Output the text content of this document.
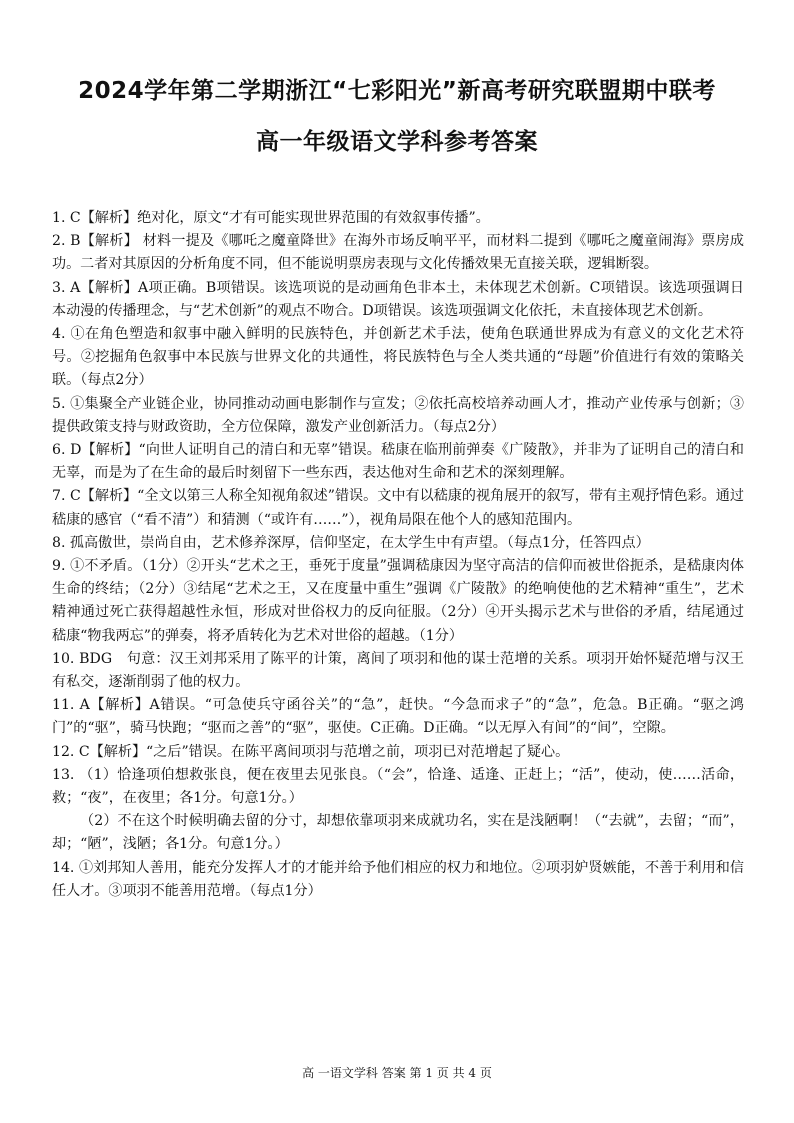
2024学年第二学期浙江“七彩阳光”新高考研究联盟期中联考
高一年级语文学科参考答案

1. C【解析】绝对化，原文“才有可能实现世界范围的有效叙事传播”。

2. B【解析】 材料一提及《哪吒之魔童降世》在海外市场反响平平，而材料二提到《哪吒之魔童闹海》票房成功。二者对其原因的分析角度不同，但不能说明票房表现与文化传播效果无直接关联，逻辑断裂。

3. A【解析】A项正确。B项错误。该选项说的是动画角色非本土，未体现艺术创新。C项错误。该选项强调日本动漫的传播理念，与“艺术创新”的观点不吻合。D项错误。该选项强调文化依托，未直接体现艺术创新。

4. ①在角色塑造和叙事中融入鲜明的民族特色，并创新艺术手法，使角色联通世界成为有意义的文化艺术符号。②挖掘角色叙事中本民族与世界文化的共通性，将民族特色与全人类共通的“母题”价值进行有效的策略关联。（每点2分）

5. ①集聚全产业链企业，协同推动动画电影制作与宣发；②依托高校培养动画人才，推动产业传承与创新；③提供政策支持与财政资助，全方位保障，激发产业创新活力。（每点2分）

6. D【解析】“向世人证明自己的清白和无辜”错误。嵇康在临刑前弹奏《广陵散》，并非为了证明自己的清白和无辜，而是为了在生命的最后时刻留下一些东西，表达他对生命和艺术的深刻理解。

7. C【解析】“全文以第三人称全知视角叙述”错误。文中有以嵇康的视角展开的叙写，带有主观抒情色彩。通过嵇康的感官（“看不清”）和猜测（“或许有……”），视角局限在他个人的感知范围内。

8. 孤高傲世，崇尚自由，艺术修养深厚，信仰坚定，在太学生中有声望。（每点1分，任答四点）

9. ①不矛盾。（1分）②开头“艺术之王，垂死于度量”强调嵇康因为坚守高洁的信仰而被世俗扼杀，是嵇康肉体生命的终结；（2分）③结尾“艺术之王，又在度量中重生”强调《广陵散》的绝响使他的艺术精神“重生”，艺术精神通过死亡获得超越性永恒，形成对世俗权力的反向征服。（2分）④开头揭示艺术与世俗的矛盾，结尾通过嵇康“物我两忘”的弹奏，将矛盾转化为艺术对世俗的超越。（1分）

10. BDG　句意：汉王刘邦采用了陈平的计策，离间了项羽和他的谋士范增的关系。项羽开始怀疑范增与汉王有私交，逐渐削弱了他的权力。

11. A【解析】A错误。“可急使兵守函谷关”的“急”，赶快。“今急而求子”的“急”，危急。B正确。“驱之鸿门”的“驱”，骑马快跑；“驱而之善”的“驱”，驱使。C正确。D正确。“以无厚入有间”的“间”，空隙。

12. C【解析】“之后”错误。在陈平离间项羽与范增之前，项羽已对范增起了疑心。

13. （1）恰逢项伯想救张良，便在夜里去见张良。（“会”，恰逢、适逢、正赶上；“活”，使动，使……活命，救；“夜”，在夜里；各1分。句意1分。）

（2）不在这个时候明确去留的分寸，却想依靠项羽来成就功名，实在是浅陋啊！（“去就”，去留；“而”，却；“陋”，浅陋；各1分。句意1分。）

14. ①刘邦知人善用，能充分发挥人才的才能并给予他们相应的权力和地位。②项羽妒贤嫉能，不善于利用和信任人才。③项羽不能善用范增。（每点1分）

高 一语文学科 答案 第 1 页 共 4 页
